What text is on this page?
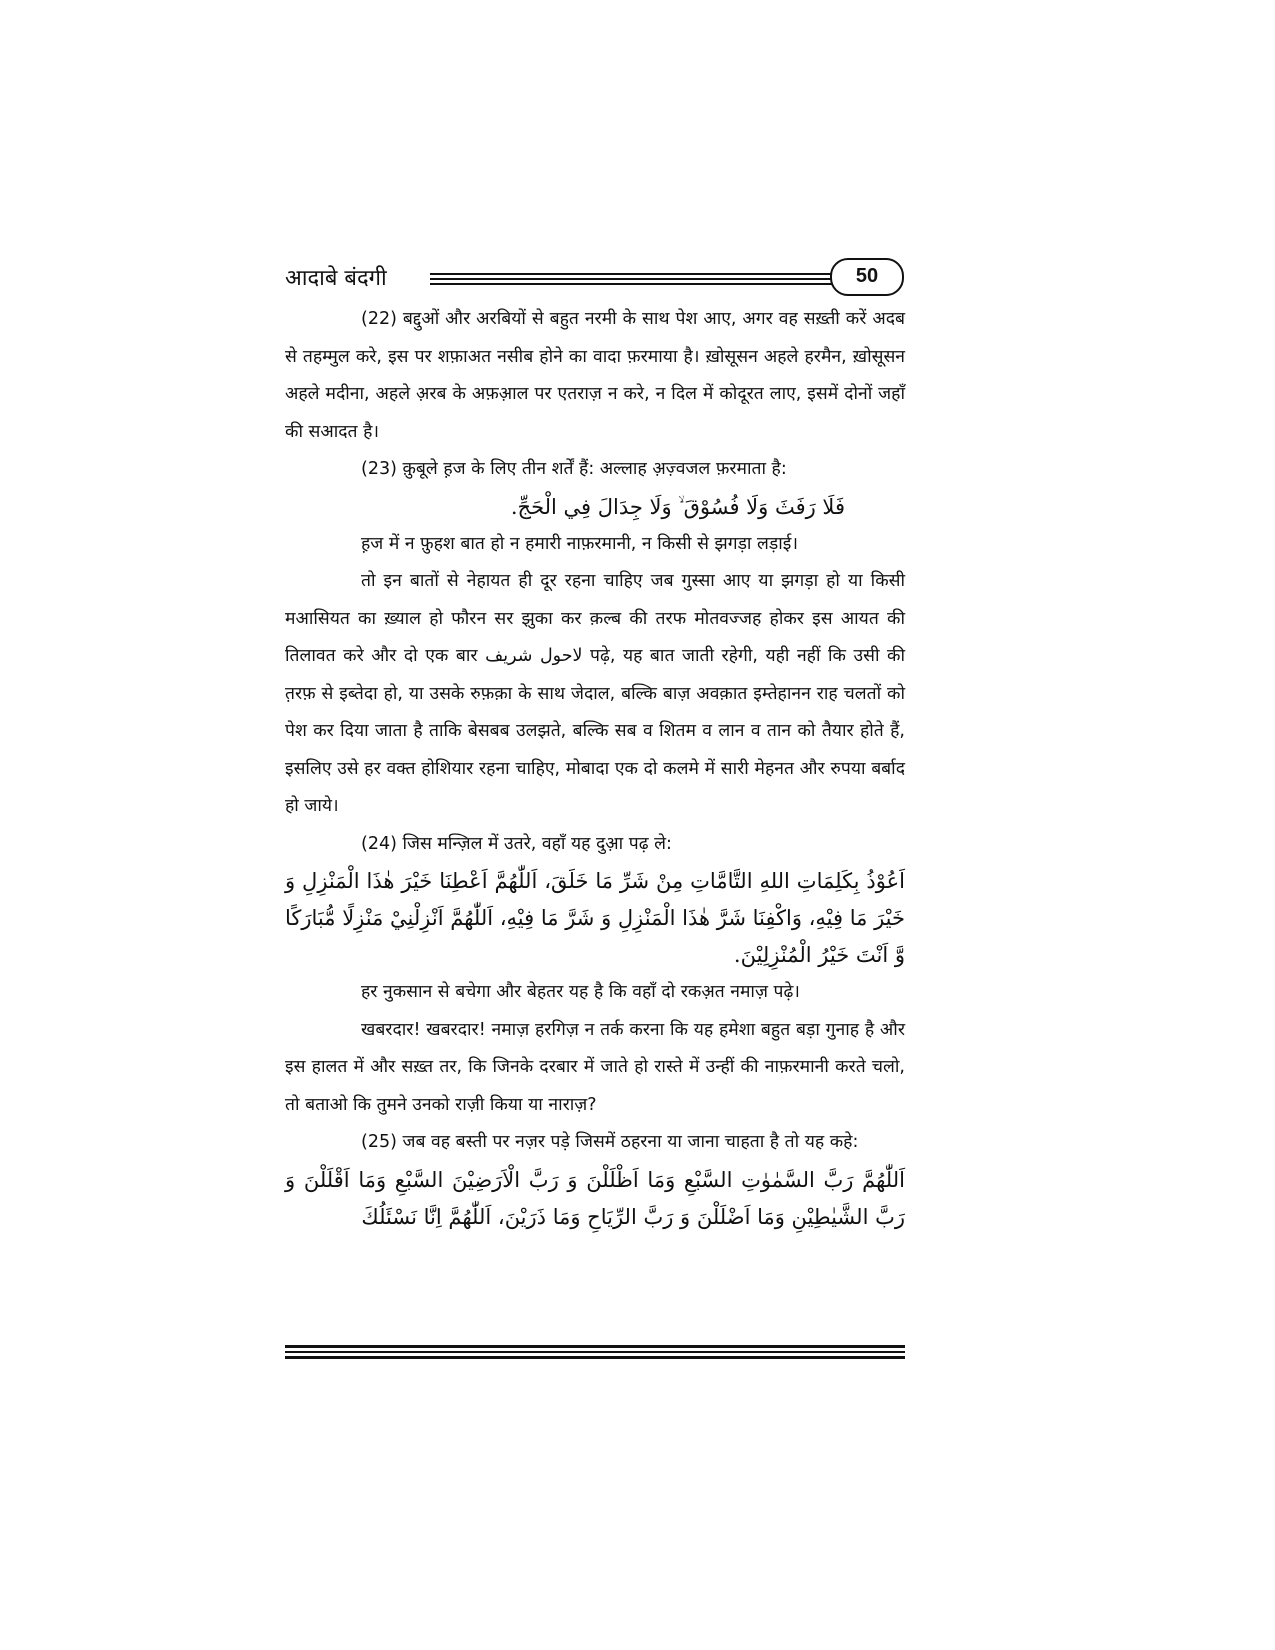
आदाबे बंदगी	50

(22) बद्दुओं और अरबियों से बहुत नरमी के साथ पेश आए, अगर वह सख़्ती करें अदब से तहम्मुल करे, इस पर शफ़ाअत नसीब होने का वादा फ़रमाया है। ख़ोसूसन अहले हरमैन, ख़ोसूसन अहले मदीना, अहले अ़रब के अफ़आ़ल पर एतराज़ न करे, न दिल में कोदूरत लाए, इसमें दोनों जहाँ की सआदत है।

(23) क़ुबूले ह़ज के लिए तीन शर्तें हैं: अल्लाह अ़ज़्वजल फ़रमाता है:

فَلَا رَفَثَ وَلَا فُسُوْقَ ۙ وَلَا جِدَالَ فِي الْحَجِّ.

ह़ज में न फ़ुहश बात हो न हमारी नाफ़रमानी, न किसी से झगड़ा लड़ाई।

तो इन बातों से नेहायत ही दूर रहना चाहिए जब गुस्सा आए या झगड़ा हो या किसी मआसियत का ख़्याल हो फौरन सर झुका कर क़ल्ब की तरफ मोतवज्जह होकर इस आयत की तिलावत करे और दो एक बार لاحول شریف पढ़े, यह बात जाती रहेगी, यही नहीं कि उसी की त़रफ़ से इब्तेदा हो, या उसके रुफ़क़ा के साथ जेदाल, बल्कि बाज़ अवक़ात इम्तेहानन राह चलतों को पेश कर दिया जाता है ताकि बेसबब उलझते, बल्कि सब व शितम व लान व तान को तैयार होते हैं, इसलिए उसे हर वक्त होशियार रहना चाहिए, मोबादा एक दो कलमे में सारी मेहनत और रुपया बर्बाद हो जाये।

(24) जिस मन्ज़िल में उतरे, वहाँ यह दुआ़ पढ़ ले:

اَعُوْذُ بِكَلِمَاتِ اللهِ التَّامَّاتِ مِنْ شَرِّ مَا خَلَقَ، اَللّٰهُمَّ اَعْطِنَا خَيْرَ هٰذَا الْمَنْزِلِ وَ خَيْرَ مَا فِيْهِ، وَاكْفِنَا شَرَّ هٰذَا الْمَنْزِلِ وَ شَرَّ مَا فِيْهِ، اَللّٰهُمَّ اَنْزِلْنِيْ مَنْزِلًا مُّبَارَكًا وَّ اَنْتَ خَيْرُ الْمُنْزِلِيْنَ.

हर नुकसान से बचेगा और बेहतर यह है कि वहाँ दो रकअ़त नमाज़ पढ़े।

खबरदार! खबरदार! नमाज़ हरगिज़ न तर्क करना कि यह हमेशा बहुत बड़ा गुनाह है और इस हालत में और सख़्त तर, कि जिनके दरबार में जाते हो रास्ते में उन्हीं की नाफ़रमानी करते चलो, तो बताओ कि तुमने उनको राज़ी किया या नाराज़?

(25) जब वह बस्ती पर नज़र पड़े जिसमें ठहरना या जाना चाहता है तो यह कहे:

اَللّٰهُمَّ رَبَّ السَّمٰوٰتِ السَّبْعِ وَمَا اَظْلَلْنَ وَ رَبَّ الْاَرَضِيْنَ السَّبْعِ وَمَا اَقْلَلْنَ وَ رَبَّ الشَّيٰطِيْنِ وَمَا اَضْلَلْنَ وَ رَبَّ الرِّيَاحِ وَمَا ذَرَيْنَ، اَللّٰهُمَّ اِنَّا نَسْئَلُكَ
